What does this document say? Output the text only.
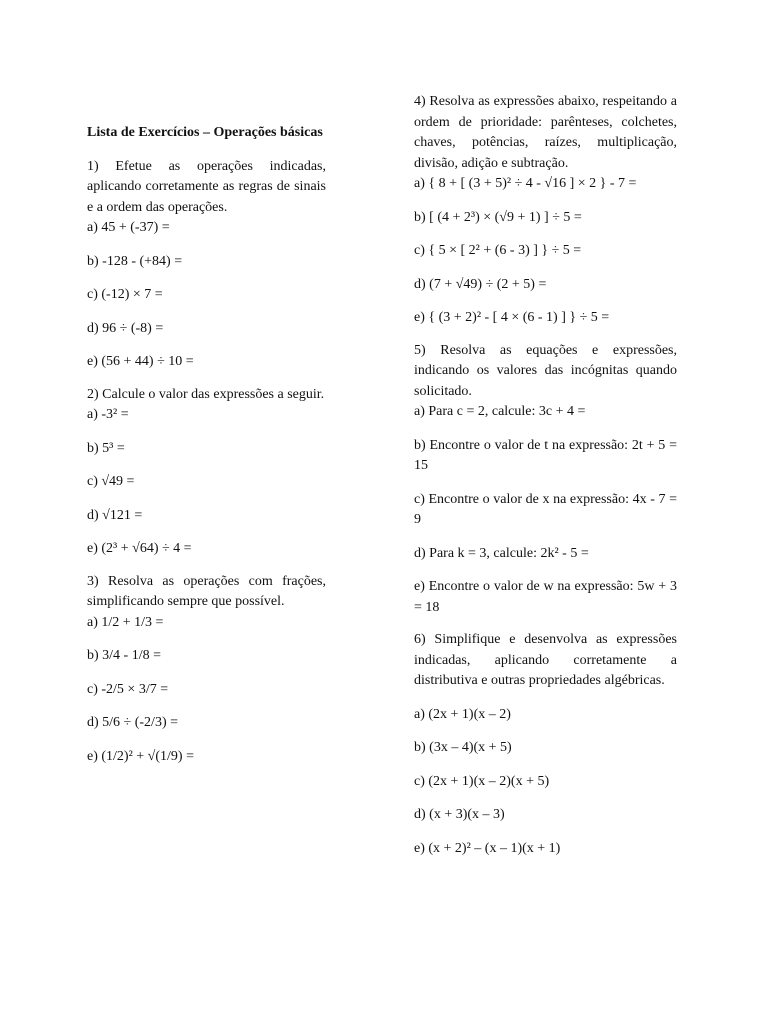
Lista de Exercícios – Operações básicas

1) Efetue as operações indicadas, aplicando corretamente as regras de sinais e a ordem das operações.

a) 45 + (-37) =
b) -128 - (+84) =
c) (-12) × 7 =
d) 96 ÷ (-8) =
e) (56 + 44) ÷ 10 =

2) Calcule o valor das expressões a seguir.

a) -3² =
b) 5³ =
c) √49 =
d) √121 =
e) (2³ + √64) ÷ 4 =

3) Resolva as operações com frações, simplificando sempre que possível.

a) 1/2 + 1/3 =
b) 3/4 - 1/8 =
c) -2/5 × 3/7 =
d) 5/6 ÷ (-2/3) =
e) (1/2)² + √(1/9) =

4) Resolva as expressões abaixo, respeitando a ordem de prioridade: parênteses, colchetes, chaves, potências, raízes, multiplicação, divisão, adição e subtração.

a) { 8 + [ (3 + 5)² ÷ 4 - √16 ] × 2 } - 7 =
b) [ (4 + 2³) × (√9 + 1) ] ÷ 5 =
c) { 5 × [ 2² + (6 - 3) ] } ÷ 5 =
d) (7 + √49) ÷ (2 + 5) =
e) { (3 + 2)² - [ 4 × (6 - 1) ] } ÷ 5 =

5) Resolva as equações e expressões, indicando os valores das incógnitas quando solicitado.

a) Para c = 2, calcule: 3c + 4 =
b) Encontre o valor de t na expressão: 2t + 5 = 15
c) Encontre o valor de x na expressão: 4x - 7 = 9
d) Para k = 3, calcule: 2k² - 5 =
e) Encontre o valor de w na expressão: 5w + 3 = 18

6) Simplifique e desenvolva as expressões indicadas, aplicando corretamente a distributiva e outras propriedades algébricas.

a) (2x + 1)(x – 2)
b) (3x – 4)(x + 5)
c) (2x + 1)(x – 2)(x + 5)
d) (x + 3)(x – 3)
e) (x + 2)² – (x – 1)(x + 1)
